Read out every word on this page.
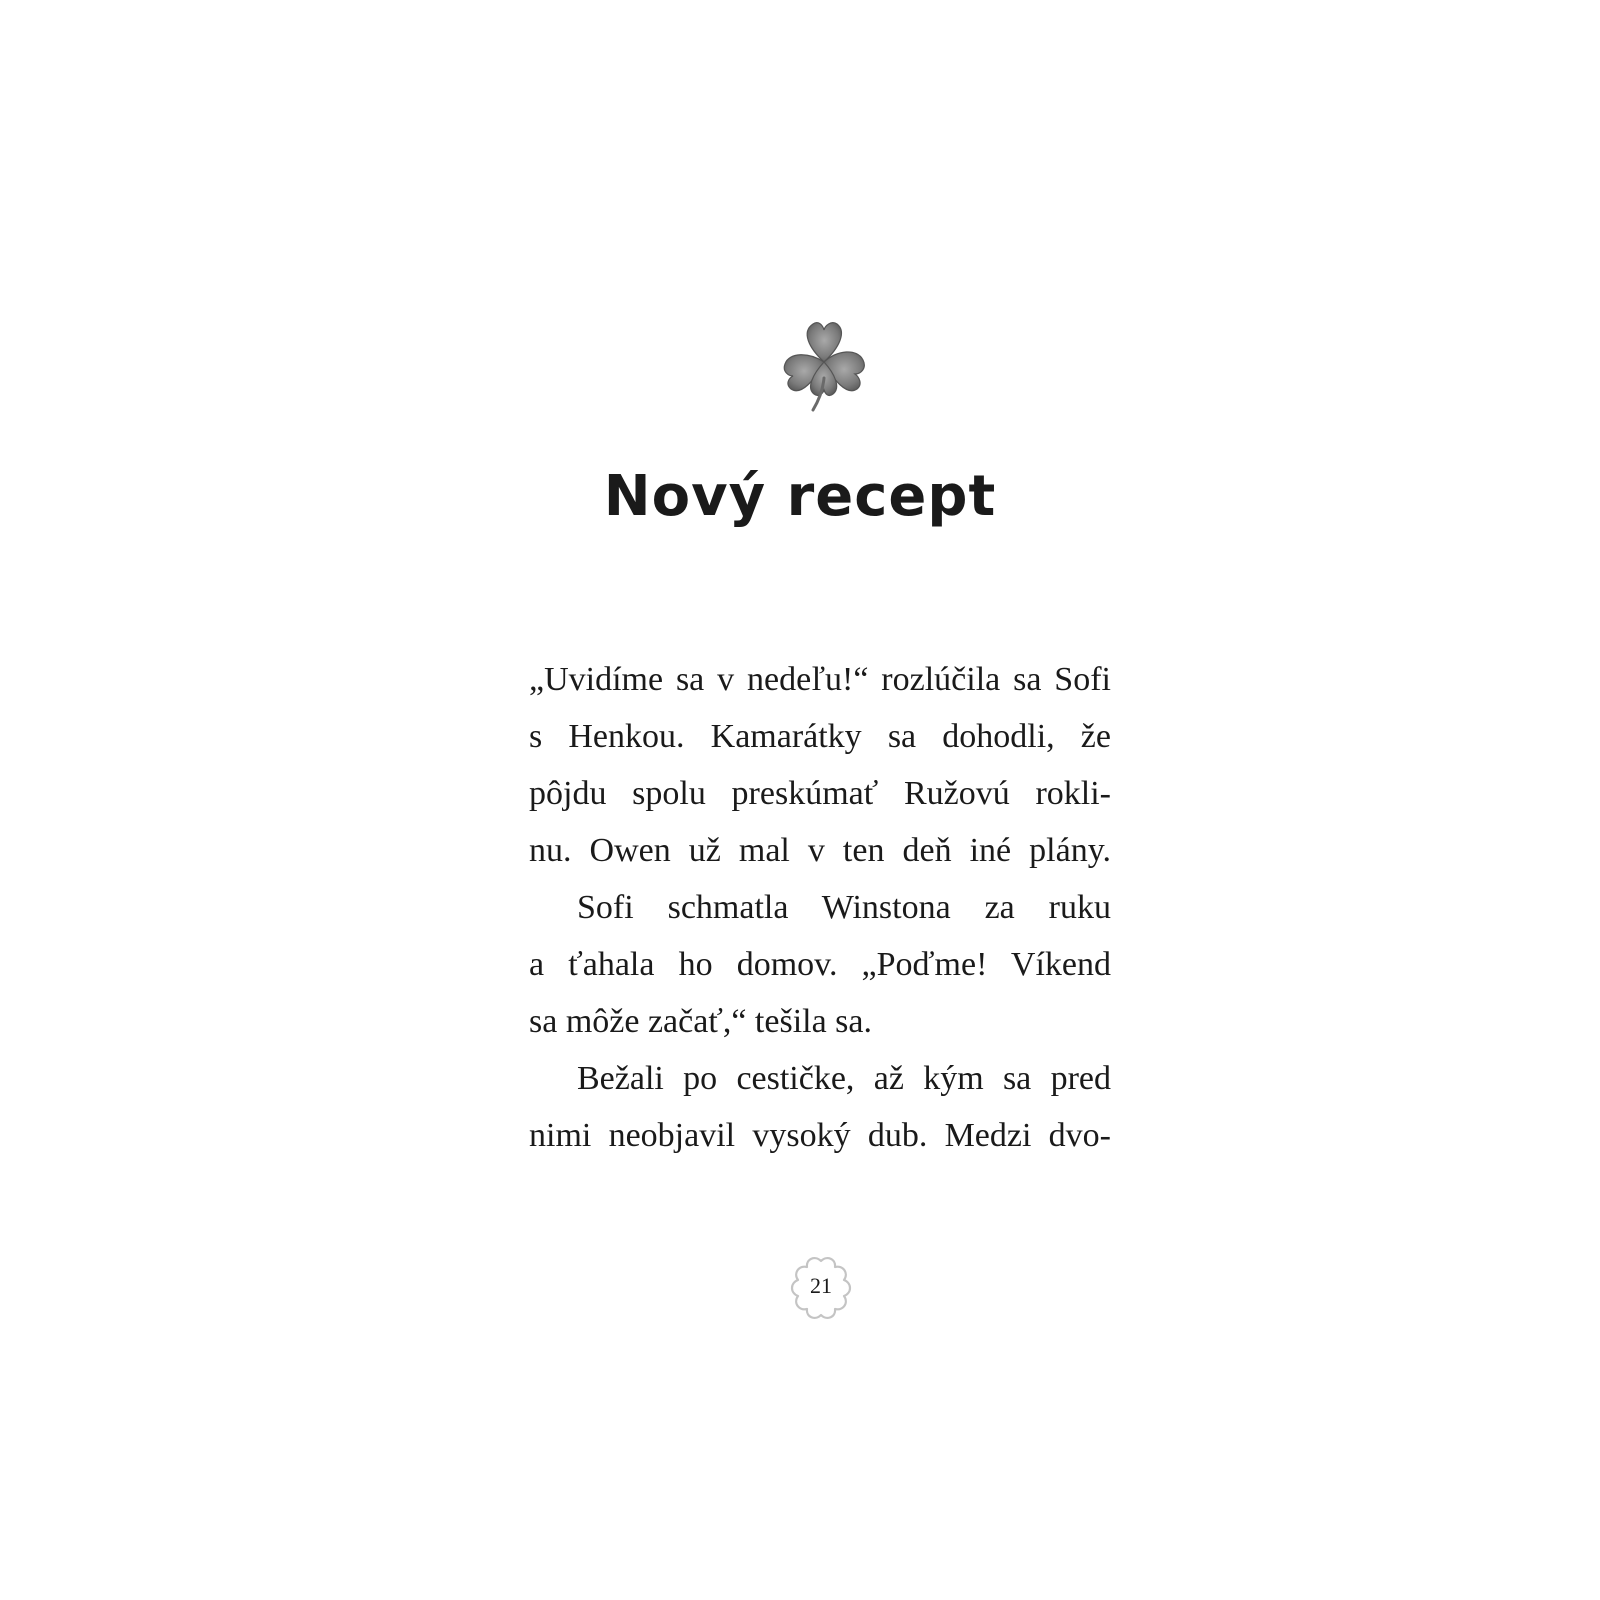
Nový recept
„Uvidíme sa v nedeľu!“ rozlúčila sa Sofi
s Henkou. Kamarátky sa dohodli, že
pôjdu spolu preskúmať Ružovú rokli-
nu. Owen už mal v ten deň iné plány.
Sofi schmatla Winstona za ruku
a ťahala ho domov. „Poďme! Víkend
sa môže začať,“ tešila sa.
Bežali po cestičke, až kým sa pred
nimi neobjavil vysoký dub. Medzi dvo-
21
